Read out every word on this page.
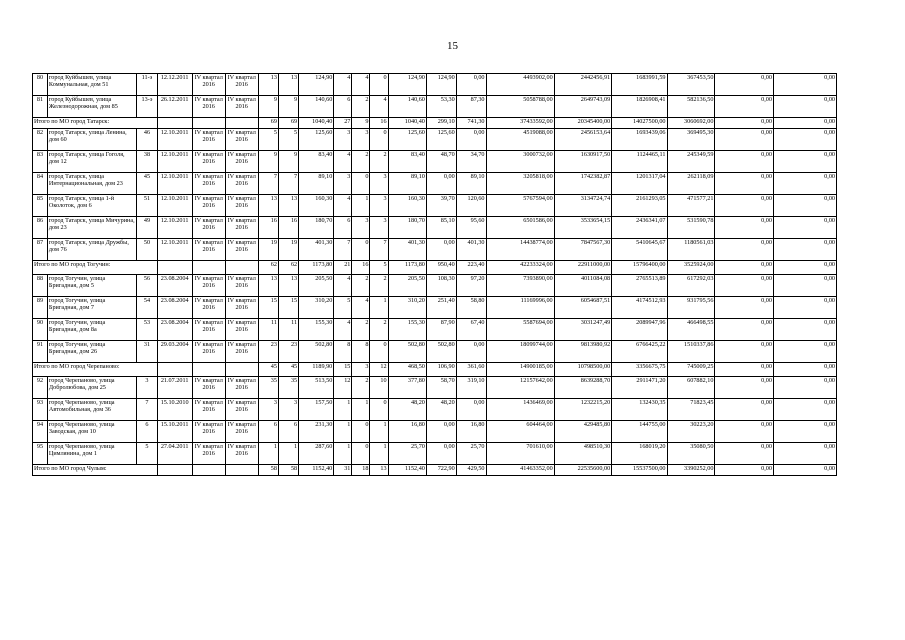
15
80	город Куйбышев, улица Коммунальная, дом 51	11-э	12.12.2011	IV квартал 2016	IV квартал 2016	13	13	124,90	4	4	0	124,90	124,90	0,00	4493902,00	2442456,91	1683991,59	367453,50	0,00	0,00
81	город Куйбышев, улица Железнодорожная, дом 85	13-э	26.12.2011	IV квартал 2016	IV квартал 2016	9	9	140,60	6	2	4	140,60	53,30	87,30	5058788,00	2649743,09	1826908,41	582136,50	0,00	0,00
Итого по МО город Татарск:						69	69	1040,40	27	9	16	1040,40	299,10	741,30	37433592,00	20345400,00	14027500,00	3060692,00	0,00	0,00
82	город Татарск, улица Ленина, дом 60	46	12.10.2011	IV квартал 2016	IV квартал 2016	5	5	125,60	3	3	0	125,60	125,60	0,00	4519088,00	2456153,64	1693439,06	369495,30	0,00	0,00
83	город Татарск, улица Гоголя, дом 12	38	12.10.2011	IV квартал 2016	IV квартал 2016	9	9	83,40	4	2	2	83,40	48,70	34,70	3000732,00	1630917,50	1124465,11	245349,59	0,00	0,00
84	город Татарск, улица Интернациональная, дом 23	45	12.10.2011	IV квартал 2016	IV квартал 2016	7	7	89,10	3	0	3	89,10	0,00	89,10	3205818,00	1742382,87	1201317,04	262118,09	0,00	0,00
85	город Татарск, улица 1-й Околоток, дом 6	51	12.10.2011	IV квартал 2016	IV квартал 2016	13	13	160,30	4	1	3	160,30	39,70	120,60	5767594,00	3134724,74	2161293,05	471577,21	0,00	0,00
86	город Татарск, улица Мичурина, дом 23	49	12.10.2011	IV квартал 2016	IV квартал 2016	16	16	180,70	6	3	3	180,70	85,10	95,60	6501586,00	3533654,15	2436341,07	531590,78	0,00	0,00
87	город Татарск, улица Дружбы, дом 76	50	12.10.2011	IV квартал 2016	IV квартал 2016	19	19	401,30	7	0	7	401,30	0,00	401,30	14438774,00	7847567,30	5410645,67	1180561,03	0,00	0,00
Итого по МО город Тогучин:						62	62	1173,80	21	16	5	1173,80	950,40	223,40	42233324,00	22911000,00	15796400,00	3525924,00	0,00	0,00
88	город Тогучин, улица Бригадная, дом 5	56	23.08.2004	IV квартал 2016	IV квартал 2016	13	13	205,50	4	2	2	205,50	108,30	97,20	7393890,00	4011084,08	2765513,89	617292,03	0,00	0,00
89	город Тогучин, улица Бригадная, дом 7	54	23.08.2004	IV квартал 2016	IV квартал 2016	15	15	310,20	5	4	1	310,20	251,40	58,80	11169996,00	6054687,51	4174512,93	931795,56	0,00	0,00
90	город Тогучин, улица Бригадная, дом 8а	53	23.08.2004	IV квартал 2016	IV квартал 2016	11	11	155,30	4	2	2	155,30	87,90	67,40	5587694,00	3031247,49	2089947,96	466498,55	0,00	0,00
91	город Тогучин, улица Бригадная, дом 26	31	29.03.2004	IV квартал 2016	IV квартал 2016	23	23	502,80	8	8	0	502,80	502,80	0,00	18099744,00	9813980,92	6766425,22	1510337,86	0,00	0,00
Итого по МО город Черепаново:						45	45	1189,90	15	3	12	468,50	106,90	361,60	14900185,00	10798500,00	3356675,75	745009,25	0,00	0,00
92	город Черепаново, улица Добролюбова, дом 25	3	21.07.2011	IV квартал 2016	IV квартал 2016	35	35	513,50	12	2	10	377,80	58,70	319,10	12157642,00	8639288,70	2911471,20	607882,10	0,00	0,00
93	город Черепаново, улица Автомобильная, дом 36	7	15.10.2010	IV квартал 2016	IV квартал 2016	3	3	157,50	1	1	0	48,20	48,20	0,00	1436469,00	1232215,20	132430,35	71823,45	0,00	0,00
94	город Черепаново, улица Заводская, дом 10	6	15.10.2011	IV квартал 2016	IV квартал 2016	6	6	231,30	1	0	1	16,80	0,00	16,80	604464,00	429485,80	144755,00	30223,20	0,00	0,00
95	город Черепаново, улица Цимлянина, дом 1	5	27.04.2011	IV квартал 2016	IV квартал 2016	1	1	287,60	1	0	1	25,70	0,00	25,70	701610,00	498510,30	168019,20	35080,50	0,00	0,00
Итого по МО город Чулым:						58	58	1152,40	31	18	13	1152,40	722,90	429,50	41463352,00	22535600,00	15537500,00	3390252,00	0,00	0,00
